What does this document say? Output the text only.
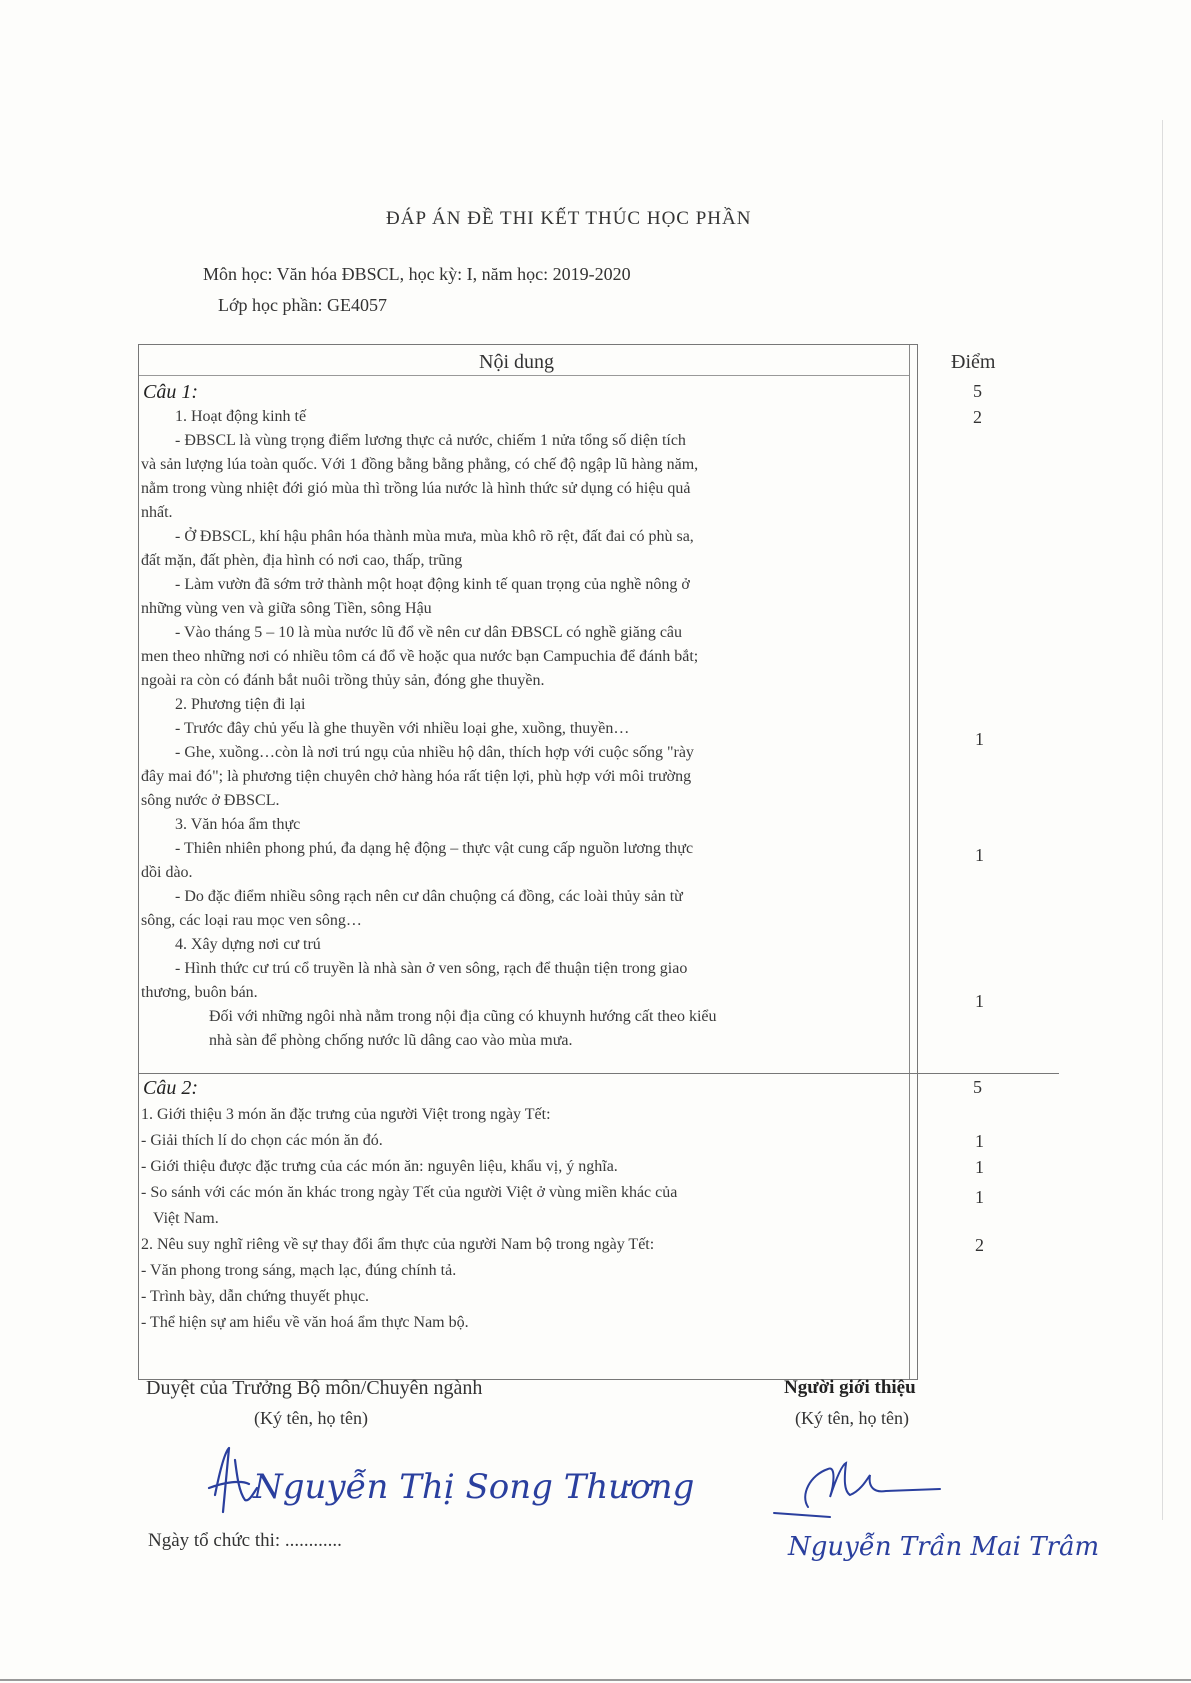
ĐÁP ÁN ĐỀ THI KẾT THÚC HỌC PHẦN
Môn học: Văn hóa ĐBSCL, học kỳ: I, năm học: 2019-2020
Lớp học phần: GE4057
Nội dung	Điểm
Câu 1:
1. Hoạt động kinh tế
- ĐBSCL là vùng trọng điểm lương thực cả nước, chiếm 1 nửa tổng số diện tích
và sản lượng lúa toàn quốc. Với 1 đồng bằng bằng phẳng, có chế độ ngập lũ hàng năm,
nằm trong vùng nhiệt đới gió mùa thì trồng lúa nước là hình thức sử dụng có hiệu quả
nhất.
- Ở ĐBSCL, khí hậu phân hóa thành mùa mưa, mùa khô rõ rệt, đất đai có phù sa,
đất mặn, đất phèn, địa hình có nơi cao, thấp, trũng
- Làm vườn đã sớm trở thành một hoạt động kinh tế quan trọng của nghề nông ở
những vùng ven và giữa sông Tiền, sông Hậu
- Vào tháng 5 – 10 là mùa nước lũ đổ về nên cư dân ĐBSCL có nghề giăng câu
men theo những nơi có nhiều tôm cá đổ về hoặc qua nước bạn Campuchia để đánh bắt;
ngoài ra còn có đánh bắt nuôi trồng thủy sản, đóng ghe thuyền.
2. Phương tiện đi lại
- Trước đây chủ yếu là ghe thuyền với nhiều loại ghe, xuồng, thuyền…
- Ghe, xuồng…còn là nơi trú ngụ của nhiều hộ dân, thích hợp với cuộc sống "rày
đây mai đó"; là phương tiện chuyên chở hàng hóa rất tiện lợi, phù hợp với môi trường
sông nước ở ĐBSCL.
3. Văn hóa ẩm thực
- Thiên nhiên phong phú, đa dạng hệ động – thực vật cung cấp nguồn lương thực
dồi dào.
- Do đặc điểm nhiều sông rạch nên cư dân chuộng cá đồng, các loài thủy sản từ
sông, các loại rau mọc ven sông…
4. Xây dựng nơi cư trú
- Hình thức cư trú cổ truyền là nhà sàn ở ven sông, rạch để thuận tiện trong giao
thương, buôn bán.
Đối với những ngôi nhà nằm trong nội địa cũng có khuynh hướng cất theo kiểu
nhà sàn để phòng chống nước lũ dâng cao vào mùa mưa.
5
2
1
1
1
Câu 2:
1. Giới thiệu 3 món ăn đặc trưng của người Việt trong ngày Tết:
- Giải thích lí do chọn các món ăn đó.
- Giới thiệu được đặc trưng của các món ăn: nguyên liệu, khẩu vị, ý nghĩa.
- So sánh với các món ăn khác trong ngày Tết của người Việt ở vùng miền khác của
Việt Nam.
2. Nêu suy nghĩ riêng về sự thay đổi ẩm thực của người Nam bộ trong ngày Tết:
- Văn phong trong sáng, mạch lạc, đúng chính tả.
- Trình bày, dẫn chứng thuyết phục.
- Thể hiện sự am hiểu về văn hoá ẩm thực Nam bộ.
5
1
1
1
2
Duyệt của Trưởng Bộ môn/Chuyên ngành
(Ký tên, họ tên)
Người giới thiệu
(Ký tên, họ tên)
Nguyễn Thị Song Thương
Nguyễn Trần Mai Trâm
Ngày tổ chức thi: ............
